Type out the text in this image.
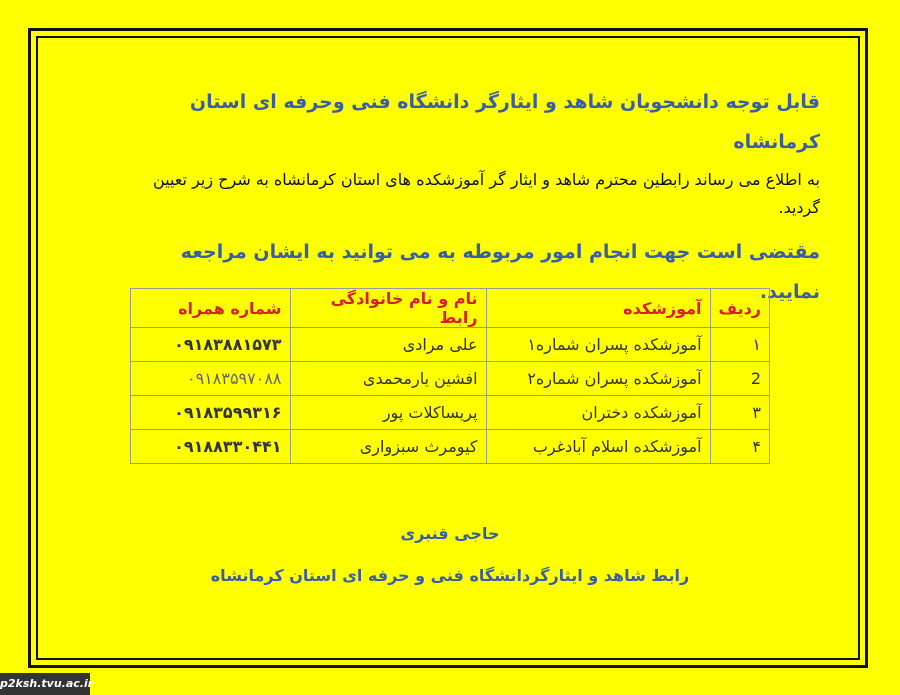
قابل توجه دانشجویان شاهد و ایثارگر دانشگاه فنی وحرفه ای استان کرمانشاه

به اطلاع می رساند رابطین محترم شاهد و ایثار گر آموزشکده های استان کرمانشاه به شرح زیر تعیین گردید.

مقتضی است جهت انجام امور مربوطه به می توانید به ایشان مراجعه نمایید.

ردیف	آموزشکده	نام و نام خانوادگی رابط	شماره همراه
۱	آموزشکده پسران شماره۱	علی مرادی	۰۹۱۸۳۸۸۱۵۷۳
2	آموزشکده پسران شماره۲	افشین یارمحمدی	۰۹۱۸۳۵۹۷۰۸۸
۳	آموزشکده دختران	پریساکلات پور	۰۹۱۸۳۵۹۹۳۱۶
۴	آموزشکده اسلام آبادغرب	کیومرث سبزواری	۰۹۱۸۸۳۳۰۴۴۱
حاجی قنبری
رابط شاهد و ایثارگردانشگاه فنی و حرفه ای استان کرمانشاه
p2ksh.tvu.ac.ir
